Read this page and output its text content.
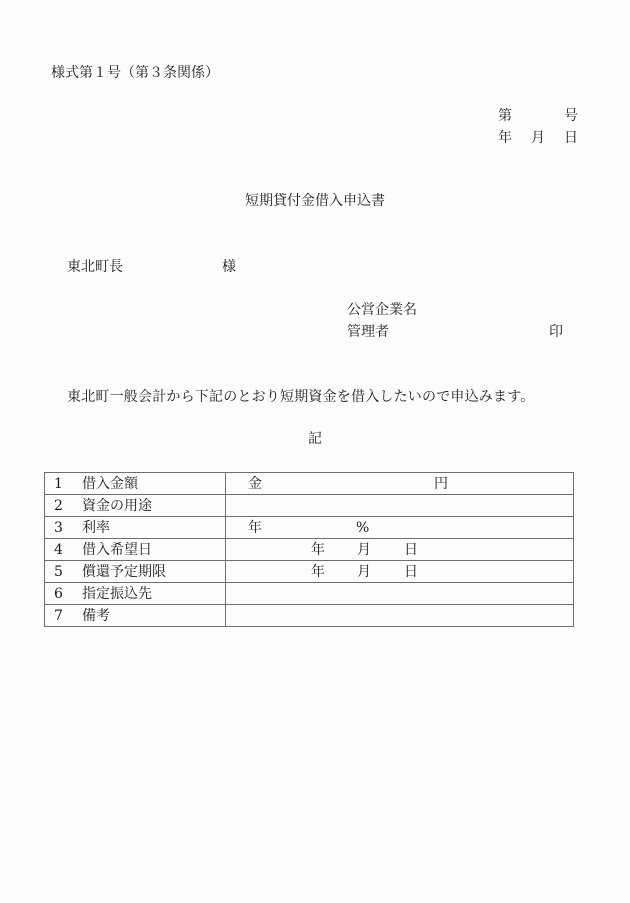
様式第１号（第３条関係）
第	号
年 月 日
短期貸付金借入申込書
東北町長	様
公営企業名
管理者	印
東北町一般会計から下記のとおり短期資金を借入したいので申込みます。
記
1 借入金額	金 円

2 資金の用途	

3 利率	年 %

4 借入希望日	年 月 日

5 償還予定期限	年 月 日

6 指定振込先	

7 備考	
